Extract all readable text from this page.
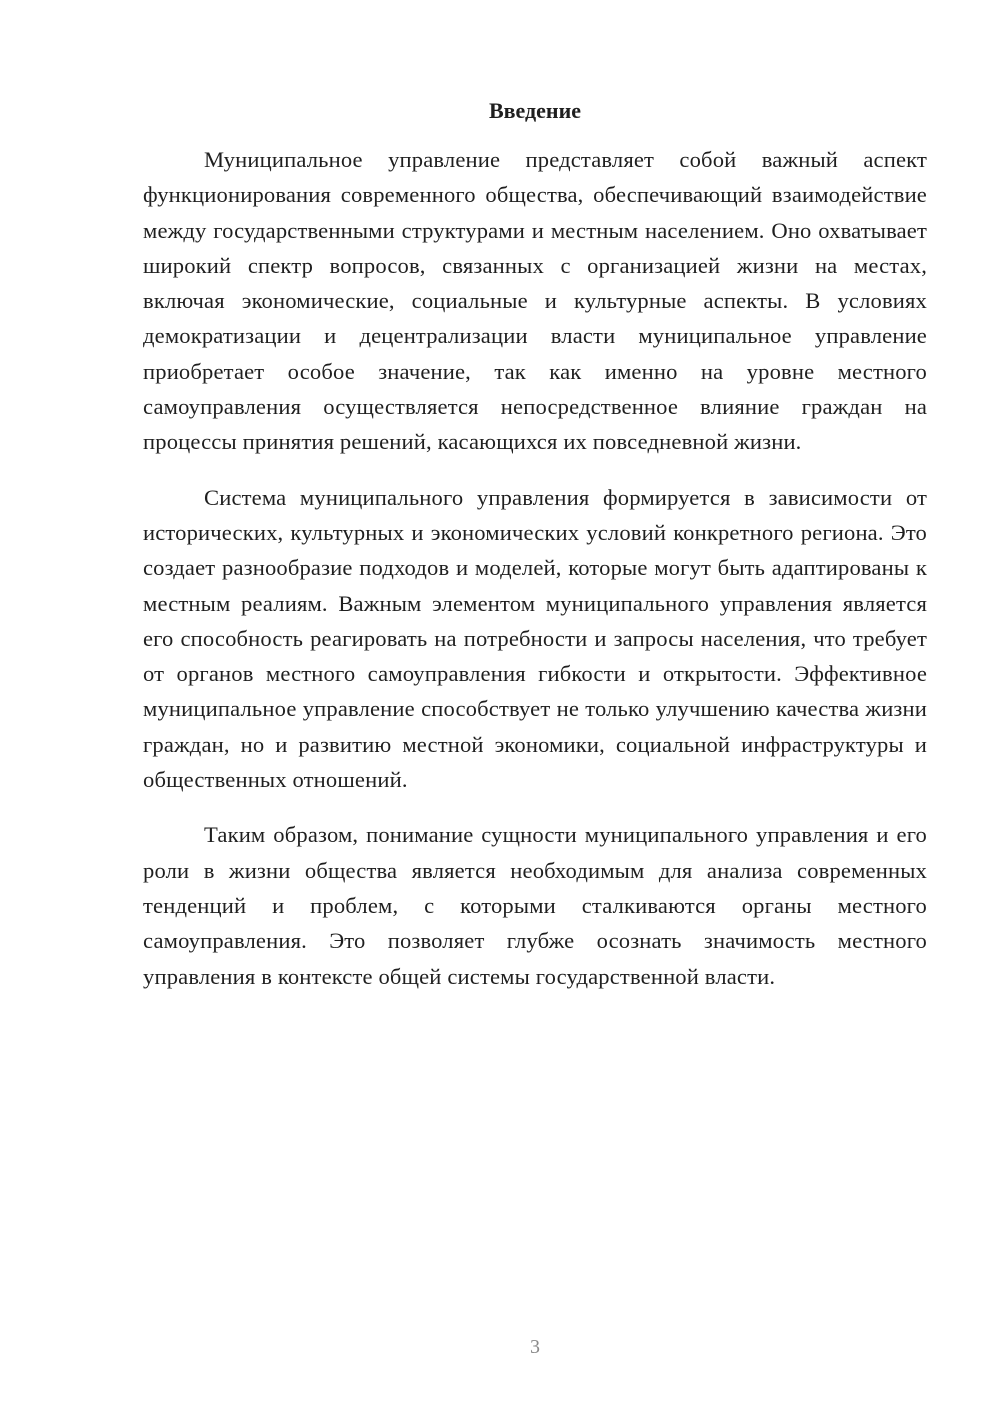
Введение

Муниципальное управление представляет собой важный аспект функционирования современного общества, обеспечивающий взаимодействие между государственными структурами и местным населением. Оно охватывает широкий спектр вопросов, связанных с организацией жизни на местах, включая экономические, социальные и культурные аспекты. В условиях демократизации и децентрализации власти муниципальное управление приобретает особое значение, так как именно на уровне местного самоуправления осуществляется непосредственное влияние граждан на процессы принятия решений, касающихся их повседневной жизни.

Система муниципального управления формируется в зависимости от исторических, культурных и экономических условий конкретного региона. Это создает разнообразие подходов и моделей, которые могут быть адаптированы к местным реалиям. Важным элементом муниципального управления является его способность реагировать на потребности и запросы населения, что требует от органов местного самоуправления гибкости и открытости. Эффективное муниципальное управление способствует не только улучшению качества жизни граждан, но и развитию местной экономики, социальной инфраструктуры и общественных отношений.

Таким образом, понимание сущности муниципального управления и его роли в жизни общества является необходимым для анализа современных тенденций и проблем, с которыми сталкиваются органы местного самоуправления. Это позволяет глубже осознать значимость местного управления в контексте общей системы государственной власти.

3
